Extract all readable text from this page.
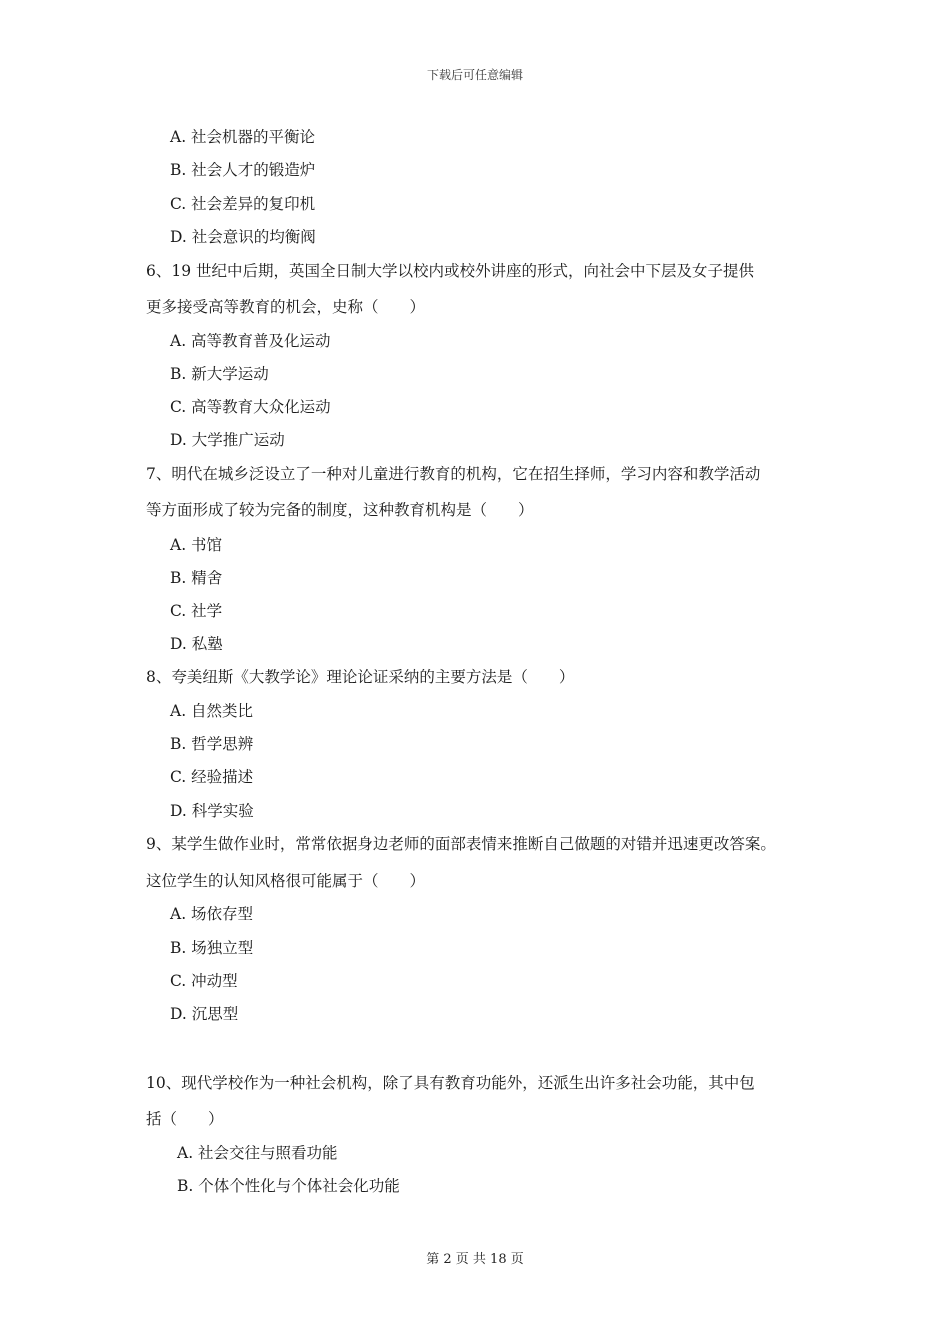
下载后可任意编辑
A. 社会机器的平衡论
B. 社会人才的锻造炉
C. 社会差异的复印机
D. 社会意识的均衡阀
6、19 世纪中后期，英国全日制大学以校内或校外讲座的形式，向社会中下层及女子提供
更多接受高等教育的机会，史称（　　）
A. 高等教育普及化运动
B. 新大学运动
C. 高等教育大众化运动
D. 大学推广运动
7、明代在城乡泛设立了一种对儿童进行教育的机构，它在招生择师，学习内容和教学活动
等方面形成了较为完备的制度，这种教育机构是（　　）
A. 书馆
B. 精舍
C. 社学
D. 私塾
8、夸美纽斯《大教学论》理论论证采纳的主要方法是（　　）
A. 自然类比
B. 哲学思辨
C. 经验描述
D. 科学实验
9、某学生做作业时，常常依据身边老师的面部表情来推断自己做题的对错并迅速更改答案。
这位学生的认知风格很可能属于（　　）
A. 场依存型
B. 场独立型
C. 冲动型
D. 沉思型
10、现代学校作为一种社会机构，除了具有教育功能外，还派生出许多社会功能，其中包
括（　　）
A. 社会交往与照看功能
B. 个体个性化与个体社会化功能
第 2 页 共 18 页
